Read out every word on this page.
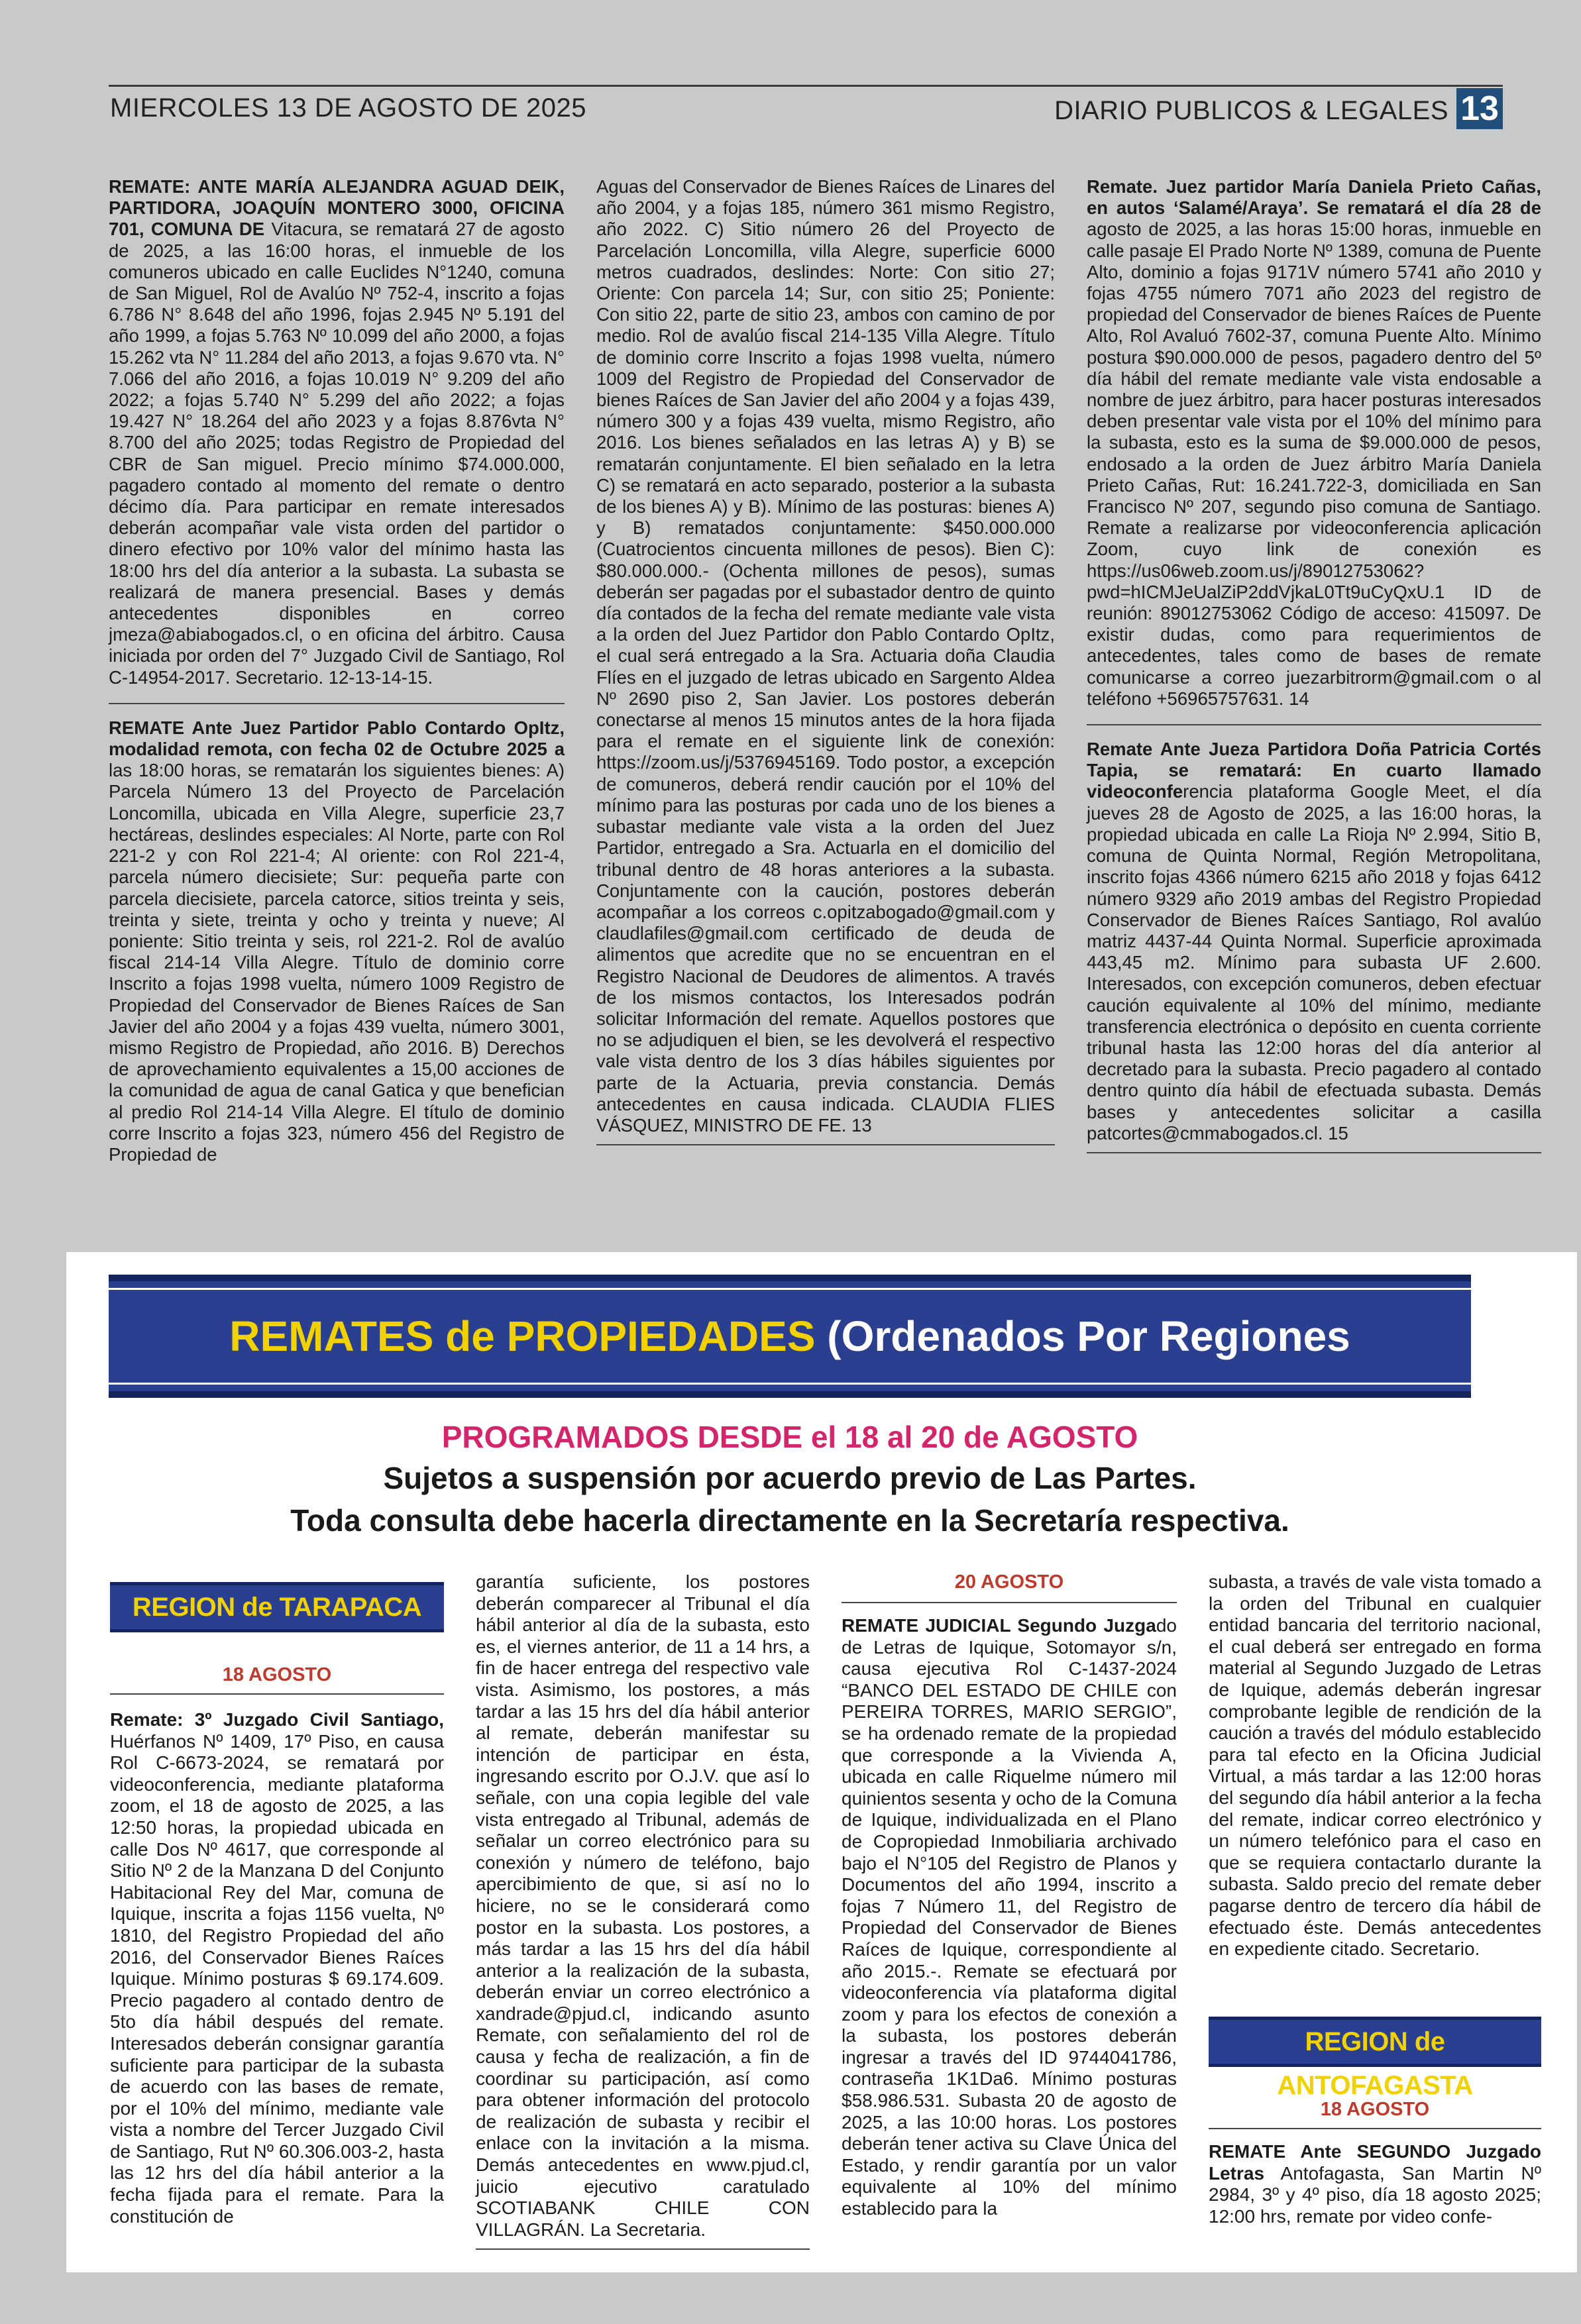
MIERCOLES 13 DE AGOSTO DE 2025	DIARIO PUBLICOS & LEGALES 13

REMATE: ANTE MARÍA ALEJANDRA AGUAD DEIK, PARTIDORA, JOAQUÍN MONTERO 3000, OFICINA 701, COMUNA DE Vitacura, se rematará 27 de agosto de 2025, a las 16:00 horas, el inmueble de los comuneros ubicado en calle Euclides N°1240, comuna de San Miguel, Rol de Avalúo Nº 752-4, inscrito a fojas 6.786 N° 8.648 del año 1996, fojas 2.945 Nº 5.191 del año 1999, a fojas 5.763 Nº 10.099 del año 2000, a fojas 15.262 vta N° 11.284 del año 2013, a fojas 9.670 vta. N° 7.066 del año 2016, a fojas 10.019 N° 9.209 del año 2022; a fojas 5.740 N° 5.299 del año 2022; a fojas 19.427 N° 18.264 del año 2023 y a fojas 8.876vta N° 8.700 del año 2025; todas Registro de Propiedad del CBR de San miguel. Precio mínimo $74.000.000, pagadero contado al momento del remate o dentro décimo día. Para participar en remate interesados deberán acompañar vale vista orden del partidor o dinero efectivo por 10% valor del mínimo hasta las 18:00 hrs del día anterior a la subasta. La subasta se realizará de manera presencial. Bases y demás antecedentes disponibles en correo jmeza@abiabogados.cl, o en oficina del árbitro. Causa iniciada por orden del 7° Juzgado Civil de Santiago, Rol C-14954-2017. Secretario. 12-13-14-15.

REMATE Ante Juez Partidor Pablo Contardo OpItz, modalidad remota, con fecha 02 de Octubre 2025 a las 18:00 horas, se rematarán los siguientes bienes: A) Parcela Número 13 del Proyecto de Parcelación Loncomilla, ubicada en Villa Alegre, superficie 23,7 hectáreas, deslindes especiales: Al Norte, parte con Rol 221-2 y con Rol 221-4; Al oriente: con Rol 221-4, parcela número diecisiete; Sur: pequeña parte con parcela diecisiete, parcela catorce, sitios treinta y seis, treinta y siete, treinta y ocho y treinta y nueve; Al poniente: Sitio treinta y seis, rol 221-2. Rol de avalúo fiscal 214-14 Villa Alegre. Título de dominio corre Inscrito a fojas 1998 vuelta, número 1009 Registro de Propiedad del Conservador de Bienes Raíces de San Javier del año 2004 y a fojas 439 vuelta, número 3001, mismo Registro de Propiedad, año 2016. B) Derechos de aprovechamiento equivalentes a 15,00 acciones de la comunidad de agua de canal Gatica y que benefician al predio Rol 214-14 Villa Alegre. El título de dominio corre Inscrito a fojas 323, número 456 del Registro de Propiedad de

Aguas del Conservador de Bienes Raíces de Linares del año 2004, y a fojas 185, número 361 mismo Registro, año 2022. C) Sitio número 26 del Proyecto de Parcelación Loncomilla, villa Alegre, superficie 6000 metros cuadrados, deslindes: Norte: Con sitio 27; Oriente: Con parcela 14; Sur, con sitio 25; Poniente: Con sitio 22, parte de sitio 23, ambos con camino de por medio. Rol de avalúo fiscal 214-135 Villa Alegre. Título de dominio corre Inscrito a fojas 1998 vuelta, número 1009 del Registro de Propiedad del Conservador de bienes Raíces de San Javier del año 2004 y a fojas 439, número 300 y a fojas 439 vuelta, mismo Registro, año 2016. Los bienes señalados en las letras A) y B) se rematarán conjuntamente. El bien señalado en la letra C) se rematará en acto separado, posterior a la subasta de los bienes A) y B). Mínimo de las posturas: bienes A) y B) rematados conjuntamente: $450.000.000 (Cuatrocientos cincuenta millones de pesos). Bien C): $80.000.000.- (Ochenta millones de pesos), sumas deberán ser pagadas por el subastador dentro de quinto día contados de la fecha del remate mediante vale vista a la orden del Juez Partidor don Pablo Contardo OpItz, el cual será entregado a la Sra. Actuaria doña Claudia Flíes en el juzgado de letras ubicado en Sargento Aldea Nº 2690 piso 2, San Javier. Los postores deberán conectarse al menos 15 minutos antes de la hora fijada para el remate en el siguiente link de conexión: https://zoom.us/j/5376945169. Todo postor, a excepción de comuneros, deberá rendir caución por el 10% del mínimo para las posturas por cada uno de los bienes a subastar mediante vale vista a la orden del Juez Partidor, entregado a Sra. Actuarla en el domicilio del tribunal dentro de 48 horas anteriores a la subasta. Conjuntamente con la caución, postores deberán acompañar a los correos c.opitzabogado@gmail.com y claudlafiles@gmail.com certificado de deuda de alimentos que acredite que no se encuentran en el Registro Nacional de Deudores de alimentos. A través de los mismos contactos, los Interesados podrán solicitar Información del remate. Aquellos postores que no se adjudiquen el bien, se les devolverá el respectivo vale vista dentro de los 3 días hábiles siguientes por parte de la Actuaria, previa constancia. Demás antecedentes en causa indicada. CLAUDIA FLIES VÁSQUEZ, MINISTRO DE FE. 13

Remate. Juez partidor María Daniela Prieto Cañas, en autos ‘Salamé/Araya’. Se rematará el día 28 de agosto de 2025, a las horas 15:00 horas, inmueble en calle pasaje El Prado Norte Nº 1389, comuna de Puente Alto, dominio a fojas 9171V número 5741 año 2010 y fojas 4755 número 7071 año 2023 del registro de propiedad del Conservador de bienes Raíces de Puente Alto, Rol Avaluó 7602-37, comuna Puente Alto. Mínimo postura $90.000.000 de pesos, pagadero dentro del 5º día hábil del remate mediante vale vista endosable a nombre de juez árbitro, para hacer posturas interesados deben presentar vale vista por el 10% del mínimo para la subasta, esto es la suma de $9.000.000 de pesos, endosado a la orden de Juez árbitro María Daniela Prieto Cañas, Rut: 16.241.722-3, domiciliada en San Francisco Nº 207, segundo piso comuna de Santiago. Remate a realizarse por videoconferencia aplicación Zoom, cuyo link de conexión es https://us06web.zoom.us/j/89012753062?pwd=hICMJeUalZiP2ddVjkaL0Tt9uCyQxU.1 ID de reunión: 89012753062 Código de acceso: 415097. De existir dudas, como para requerimientos de antecedentes, tales como de bases de remate comunicarse a correo juezarbitrorm@gmail.com o al teléfono +56965757631. 14

Remate Ante Jueza Partidora Doña Patricia Cortés Tapia, se rematará: En cuarto llamado videoconferencia plataforma Google Meet, el día jueves 28 de Agosto de 2025, a las 16:00 horas, la propiedad ubicada en calle La Rioja Nº 2.994, Sitio B, comuna de Quinta Normal, Región Metropolitana, inscrito fojas 4366 número 6215 año 2018 y fojas 6412 número 9329 año 2019 ambas del Registro Propiedad Conservador de Bienes Raíces Santiago, Rol avalúo matriz 4437-44 Quinta Normal. Superficie aproximada 443,45 m2. Mínimo para subasta UF 2.600. Interesados, con excepción comuneros, deben efectuar caución equivalente al 10% del mínimo, mediante transferencia electrónica o depósito en cuenta corriente tribunal hasta las 12:00 horas del día anterior al decretado para la subasta. Precio pagadero al contado dentro quinto día hábil de efectuada subasta. Demás bases y antecedentes solicitar a casilla patcortes@cmmabogados.cl. 15

REMATES de PROPIEDADES (Ordenados Por Regiones
PROGRAMADOS DESDE el 18 al 20 de AGOSTO
Sujetos a suspensión por acuerdo previo de Las Partes.
Toda consulta debe hacerla directamente en la Secretaría respectiva.
REGION de TARAPACA
18 AGOSTO
Remate: 3º Juzgado Civil Santiago, Huérfanos Nº 1409, 17º Piso, en causa Rol C-6673-2024, se rematará por videoconferencia, mediante plataforma zoom, el 18 de agosto de 2025, a las 12:50 horas, la propiedad ubicada en calle Dos Nº 4617, que corresponde al Sitio Nº 2 de la Manzana D del Conjunto Habitacional Rey del Mar, comuna de Iquique, inscrita a fojas 1156 vuelta, Nº 1810, del Registro Propiedad del año 2016, del Conservador Bienes Raíces Iquique. Mínimo posturas $ 69.174.609. Precio pagadero al contado dentro de 5to día hábil después del remate. Interesados deberán consignar garantía suficiente para participar de la subasta de acuerdo con las bases de remate, por el 10% del mínimo, mediante vale vista a nombre del Tercer Juzgado Civil de Santiago, Rut Nº 60.306.003-2, hasta las 12 hrs del día hábil anterior a la fecha fijada para el remate. Para la constitución de
garantía suficiente, los postores deberán comparecer al Tribunal el día hábil anterior al día de la subasta, esto es, el viernes anterior, de 11 a 14 hrs, a fin de hacer entrega del respectivo vale vista. Asimismo, los postores, a más tardar a las 15 hrs del día hábil anterior al remate, deberán manifestar su intención de participar en ésta, ingresando escrito por O.J.V. que así lo señale, con una copia legible del vale vista entregado al Tribunal, además de señalar un correo electrónico para su conexión y número de teléfono, bajo apercibimiento de que, si así no lo hiciere, no se le considerará como postor en la subasta. Los postores, a más tardar a las 15 hrs del día hábil anterior a la realización de la subasta, deberán enviar un correo electrónico a xandrade@pjud.cl, indicando asunto Remate, con señalamiento del rol de causa y fecha de realización, a fin de coordinar su participación, así como para obtener información del protocolo de realización de subasta y recibir el enlace con la invitación a la misma. Demás antecedentes en www.pjud.cl, juicio ejecutivo caratulado SCOTIABANK CHILE CON VILLAGRÁN. La Secretaria.
20 AGOSTO
REMATE JUDICIAL Segundo Juzgado de Letras de Iquique, Sotomayor s/n, causa ejecutiva Rol C-1437-2024 “BANCO DEL ESTADO DE CHILE con PEREIRA TORRES, MARIO SERGIO”, se ha ordenado remate de la propiedad que corresponde a la Vivienda A, ubicada en calle Riquelme número mil quinientos sesenta y ocho de la Comuna de Iquique, individualizada en el Plano de Copropiedad Inmobiliaria archivado bajo el N°105 del Registro de Planos y Documentos del año 1994, inscrito a fojas 7 Número 11, del Registro de Propiedad del Conservador de Bienes Raíces de Iquique, correspondiente al año 2015.-. Remate se efectuará por videoconferencia vía plataforma digital zoom y para los efectos de conexión a la subasta, los postores deberán ingresar a través del ID 9744041786, contraseña 1K1Da6. Mínimo posturas $58.986.531. Subasta 20 de agosto de 2025, a las 10:00 horas. Los postores deberán tener activa su Clave Única del Estado, y rendir garantía por un valor equivalente al 10% del mínimo establecido para la
subasta, a través de vale vista tomado a la orden del Tribunal en cualquier entidad bancaria del territorio nacional, el cual deberá ser entregado en forma material al Segundo Juzgado de Letras de Iquique, además deberán ingresar comprobante legible de rendición de la caución a través del módulo establecido para tal efecto en la Oficina Judicial Virtual, a más tardar a las 12:00 horas del segundo día hábil anterior a la fecha del remate, indicar correo electrónico y un número telefónico para el caso en que se requiera contactarlo durante la subasta. Saldo precio del remate deber pagarse dentro de tercero día hábil de efectuado éste. Demás antecedentes en expediente citado. Secretario.
REGION de ANTOFAGASTA
18 AGOSTO
REMATE Ante SEGUNDO Juzgado Letras Antofagasta, San Martin Nº 2984, 3º y 4º piso, día 18 agosto 2025; 12:00 hrs, remate por video confe-
